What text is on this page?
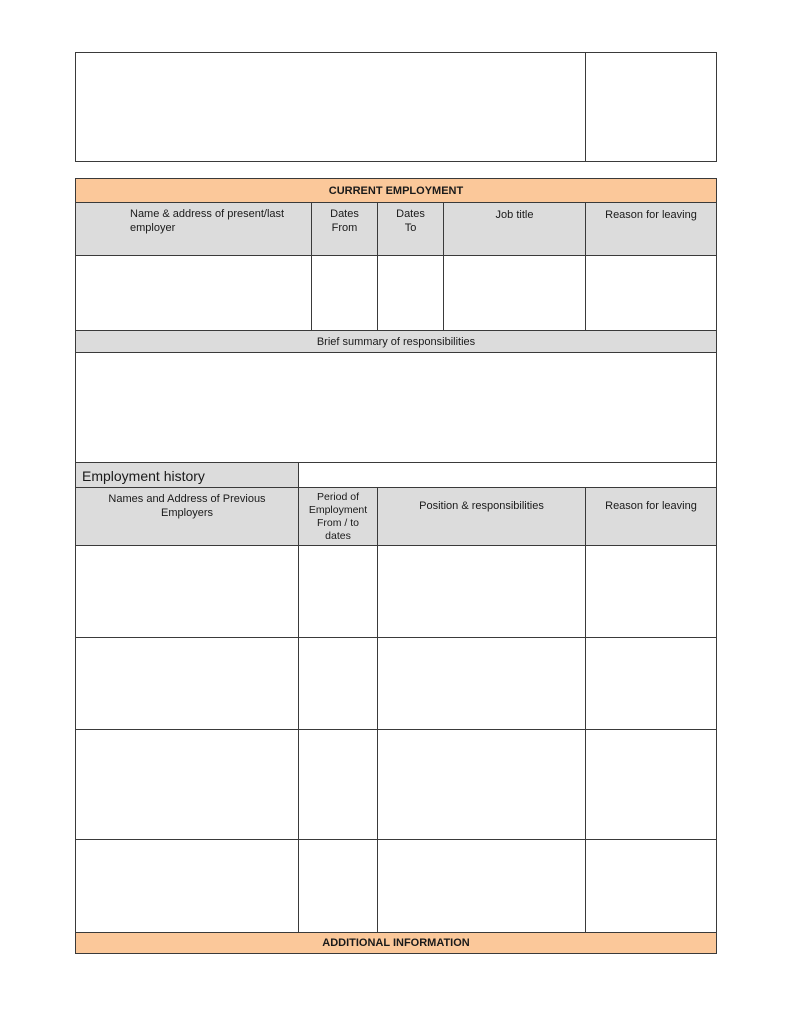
CURRENT EMPLOYMENT
Name & address of present/last employer
Dates From
Dates To
Job title	Reason for leaving
Brief summary of responsibilities
Employment history
Names and Address of Previous Employers
Period of Employment From / to dates
Position & responsibilities	Reason for leaving
ADDITIONAL INFORMATION
